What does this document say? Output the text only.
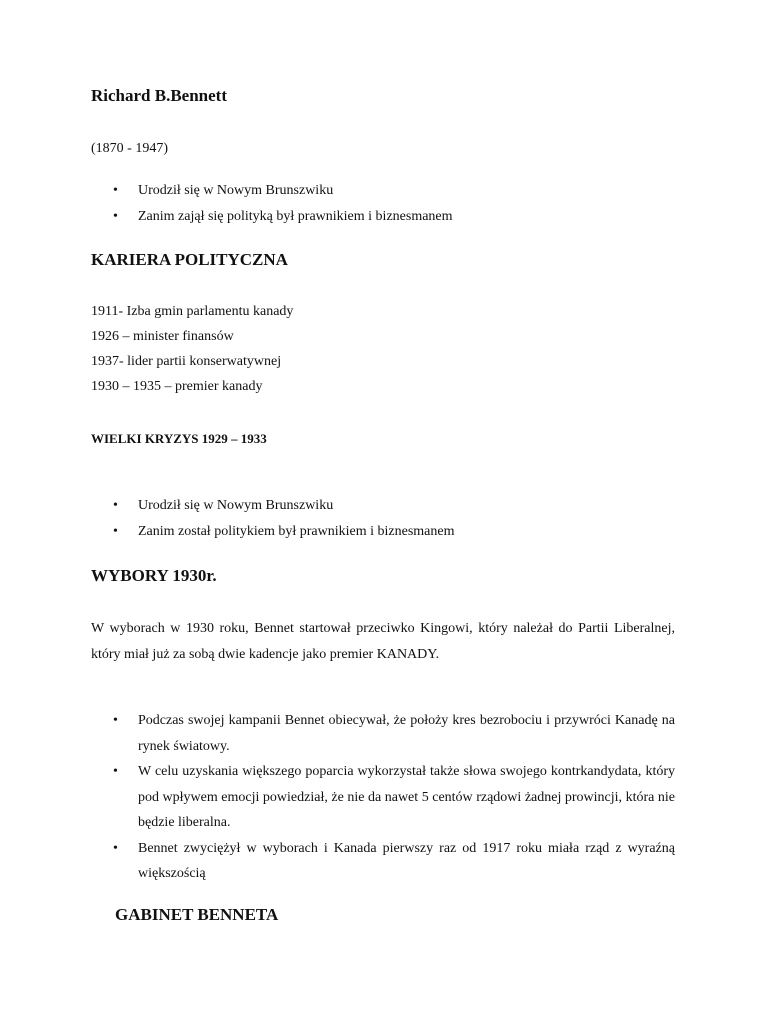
Richard B.Bennett
(1870 - 1947)
• Urodził się w Nowym Brunszwiku
• Zanim zajął się polityką był prawnikiem i biznesmanem
KARIERA POLITYCZNA
1911- Izba gmin parlamentu kanady
1926 – minister finansów
1937- lider partii konserwatywnej
1930 – 1935 – premier kanady
WIELKI KRYZYS 1929 – 1933
• Urodził się w Nowym Brunszwiku
• Zanim został politykiem był prawnikiem i biznesmanem
WYBORY 1930r.
W wyborach w 1930 roku, Bennet startował przeciwko Kingowi, który należał do Partii Liberalnej, który miał już za sobą dwie kadencje jako premier KANADY.
• Podczas swojej kampanii Bennet obiecywał, że położy kres bezrobociu i przywróci Kanadę na rynek światowy.
• W celu uzyskania większego poparcia wykorzystał także słowa swojego kontrkandydata, który pod wpływem emocji powiedział, że nie da nawet 5 centów rządowi żadnej prowincji, która nie będzie liberalna.
• Bennet zwyciężył w wyborach i Kanada pierwszy raz od 1917 roku miała rząd z wyraźną większością
GABINET BENNETA
